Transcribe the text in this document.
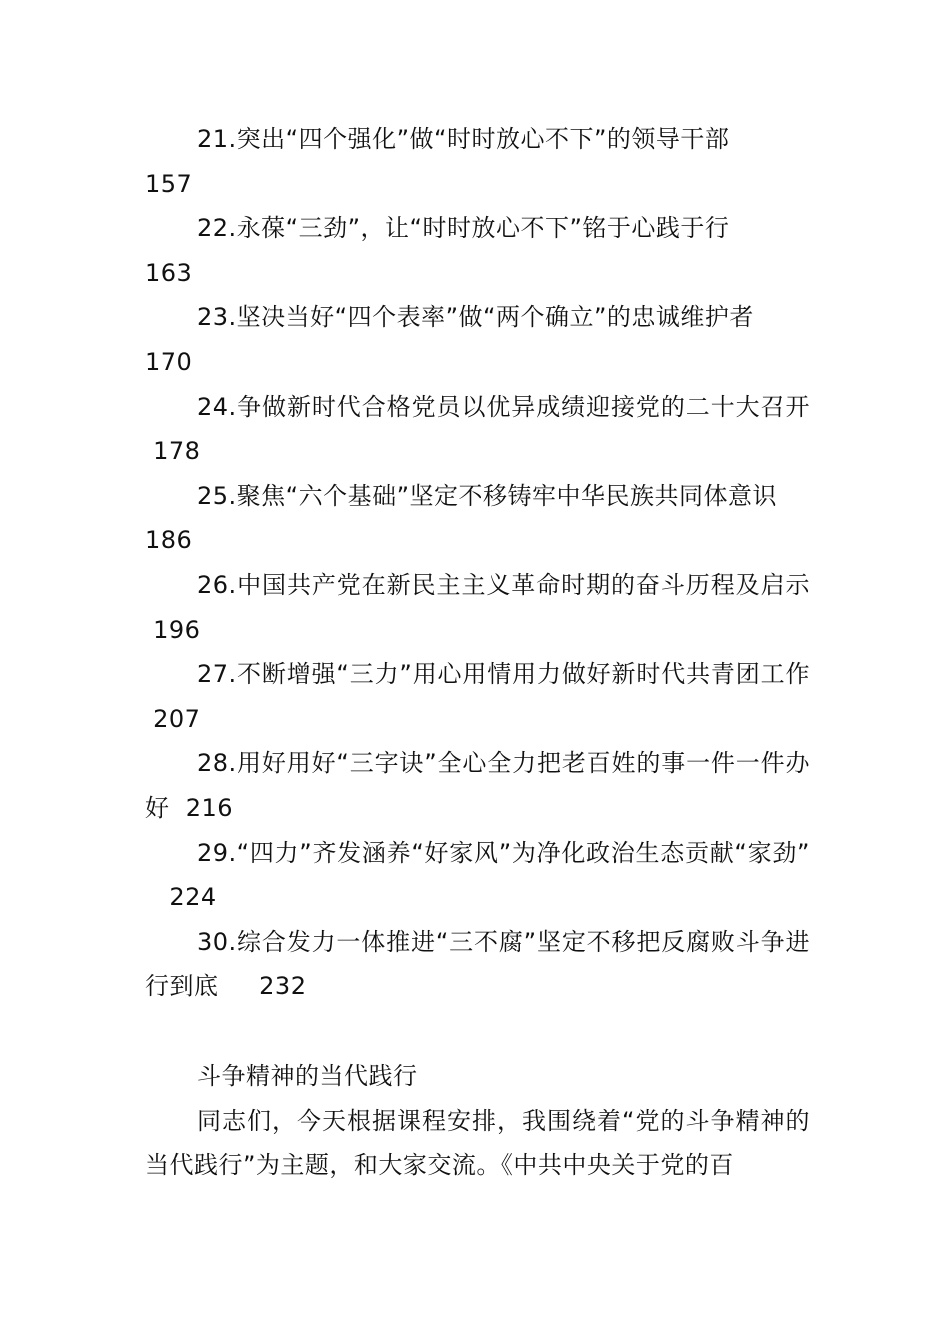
21.突出“四个强化”做“时时放心不下”的领导干部
157

22.永葆“三劲”，让“时时放心不下”铭于心践于行
163

23.坚决当好“四个表率”做“两个确立”的忠诚维护者
170

24.争做新时代合格党员以优异成绩迎接党的二十大召开 178

25.聚焦“六个基础”坚定不移铸牢中华民族共同体意识
186

26.中国共产党在新民主主义革命时期的奋斗历程及启示 196

27.不断增强“三力”用心用情用力做好新时代共青团工作 207

28.用好用好“三字诀”全心全力把老百姓的事一件一件办好 216

29.“四力”齐发涵养“好家风”为净化政治生态贡献“家劲”   224

30.综合发力一体推进“三不腐”坚定不移把反腐败斗争进行到底 232

斗争精神的当代践行

同志们，今天根据课程安排，我围绕着“党的斗争精神的当代践行”为主题，和大家交流。《中共中央关于党的百
